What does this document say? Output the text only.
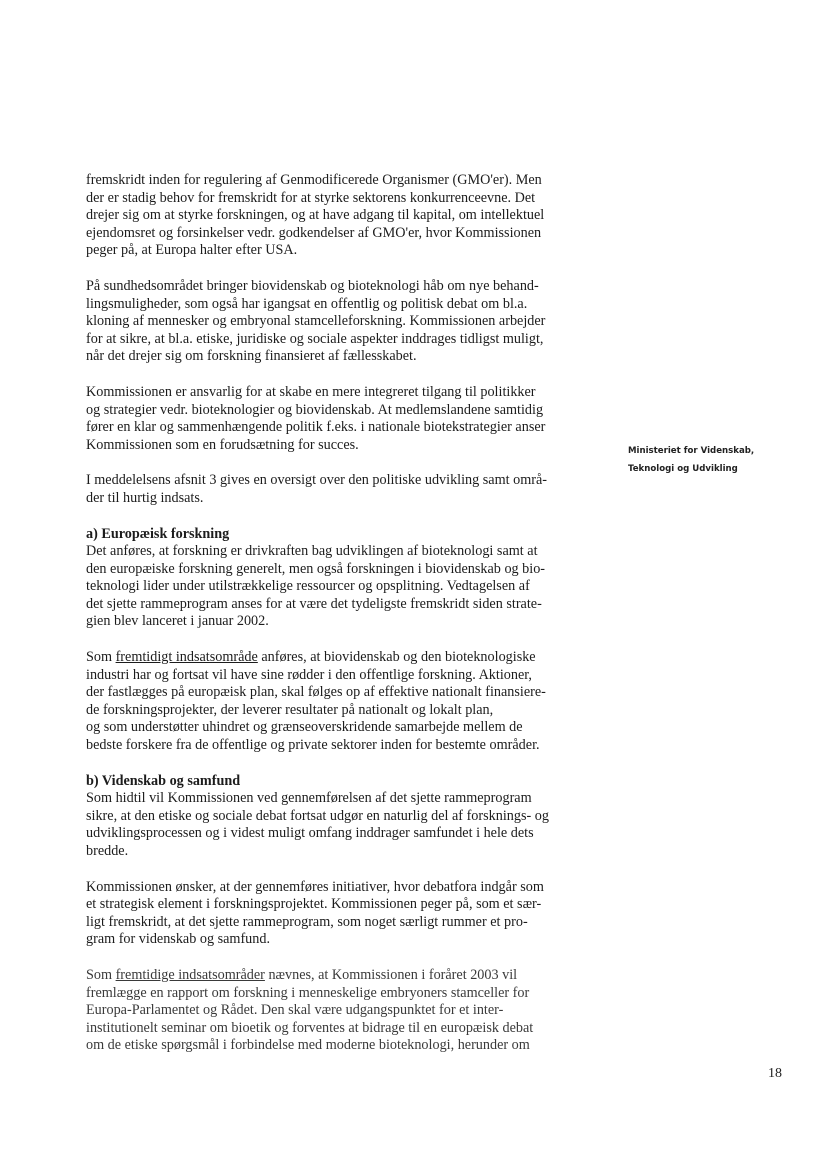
fremskridt inden for regulering af Genmodificerede Organismer (GMO'er). Men
der er stadig behov for fremskridt for at styrke sektorens konkurrenceevne. Det
drejer sig om at styrke forskningen, og at have adgang til kapital, om intellektuel
ejendomsret og forsinkelser vedr. godkendelser af GMO'er, hvor Kommissionen
peger på, at Europa halter efter USA.

På sundhedsområdet bringer biovidenskab og bioteknologi håb om nye behand-
lingsmuligheder, som også har igangsat en offentlig og politisk debat om bl.a.
kloning af mennesker og embryonal stamcelleforskning. Kommissionen arbejder
for at sikre, at bl.a. etiske, juridiske og sociale aspekter inddrages tidligst muligt,
når det drejer sig om forskning finansieret af fællesskabet.

Kommissionen er ansvarlig for at skabe en mere integreret tilgang til politikker
og strategier vedr. bioteknologier og biovidenskab. At medlemslandene samtidig
fører en klar og sammenhængende politik f.eks. i nationale biotekstrategier anser
Kommissionen som en forudsætning for succes.

I meddelelsens afsnit 3 gives en oversigt over den politiske udvikling samt områ-
der til hurtig indsats.

a) Europæisk forskning
Det anføres, at forskning er drivkraften bag udviklingen af bioteknologi samt at
den europæiske forskning generelt, men også forskningen i biovidenskab og bio-
teknologi lider under utilstrækkelige ressourcer og opsplitning. Vedtagelsen af
det sjette rammeprogram anses for at være det tydeligste fremskridt siden strate-
gien blev lanceret i januar 2002.

Som fremtidigt indsatsområde anføres, at biovidenskab og den bioteknologiske
industri har og fortsat vil have sine rødder i den offentlige forskning. Aktioner,
der fastlægges på europæisk plan, skal følges op af effektive nationalt finansiere-
de forskningsprojekter, der leverer resultater på nationalt og lokalt plan,
og som understøtter uhindret og grænseoverskridende samarbejde mellem de
bedste forskere fra de offentlige og private sektorer inden for bestemte områder.

b) Videnskab og samfund
Som hidtil vil Kommissionen ved gennemførelsen af det sjette rammeprogram
sikre, at den etiske og sociale debat fortsat udgør en naturlig del af forsknings- og
udviklingsprocessen og i videst muligt omfang inddrager samfundet i hele dets
bredde.

Kommissionen ønsker, at der gennemføres initiativer, hvor debatfora indgår som
et strategisk element i forskningsprojektet. Kommissionen peger på, som et sær-
ligt fremskridt, at det sjette rammeprogram, som noget særligt rummer et pro-
gram for videnskab og samfund.

Som fremtidige indsatsområder nævnes, at Kommissionen i foråret 2003 vil
fremlægge en rapport om forskning i menneskelige embryoners stamceller for
Europa-Parlamentet og Rådet. Den skal være udgangspunktet for et inter-
institutionelt seminar om bioetik og forventes at bidrage til en europæisk debat
om de etiske spørgsmål i forbindelse med moderne bioteknologi, herunder om

Ministeriet for Videnskab,
Teknologi og Udvikling
18
